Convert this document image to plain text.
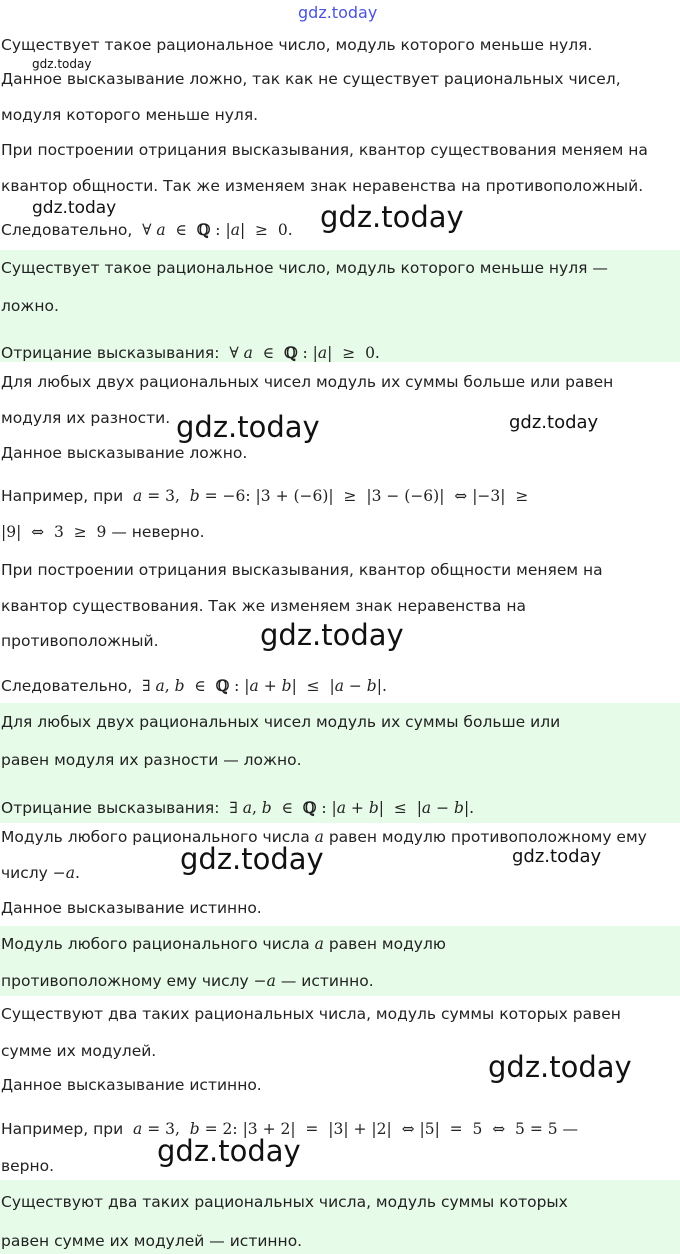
Существует такое рациональное число, модуль которого меньше нуля.
Данное высказывание ложно, так как не существует рациональных чисел,
модуля которого меньше нуля.
При построении отрицания высказывания, квантор существования меняем на
квантор общности. Так же изменяем знак неравенства на противоположный.
Следовательно,  ∀ a  ∈  ℚ : |a|  ≥  0.
Существует такое рациональное число, модуль которого меньше нуля —
ложно.
Отрицание высказывания:  ∀ a  ∈  ℚ : |a|  ≥  0.
Для любых двух рациональных чисел модуль их суммы больше или равен
модуля их разности.
Данное высказывание ложно.
Например, при a = 3,  b = −6: |3 + (−6)|  ≥  |3 − (−6)|  ⇔ |−3|  ≥
|9|  ⇔  3  ≥  9 — неверно.
При построении отрицания высказывания, квантор общности меняем на
квантор существования. Так же изменяем знак неравенства на
противоположный.
Следовательно,  ∃ a, b  ∈  ℚ : |a + b|  ≤  |a − b|.
Для любых двух рациональных чисел модуль их суммы больше или
равен модуля их разности — ложно.
Отрицание высказывания:  ∃ a, b  ∈  ℚ : |a + b|  ≤  |a − b|.
Модуль любого рационального числа a равен модулю противоположному ему
числу −a.
Данное высказывание истинно.
Модуль любого рационального числа a равен модулю
противоположному ему числу −a — истинно.
Существуют два таких рациональных числа, модуль суммы которых равен
сумме их модулей.
Данное высказывание истинно.
Например, при a = 3,  b = 2: |3 + 2|  =  |3| + |2|  ⇔ |5|  =  5  ⇔  5 = 5 —
верно.
Существуют два таких рациональных числа, модуль суммы которых
равен сумме их модулей — истинно.
gdz.today
gdz.today
gdz.today	gdz.today
gdz.today	gdz.today
gdz.today
gdz.today	gdz.today
gdz.today
gdz.today
